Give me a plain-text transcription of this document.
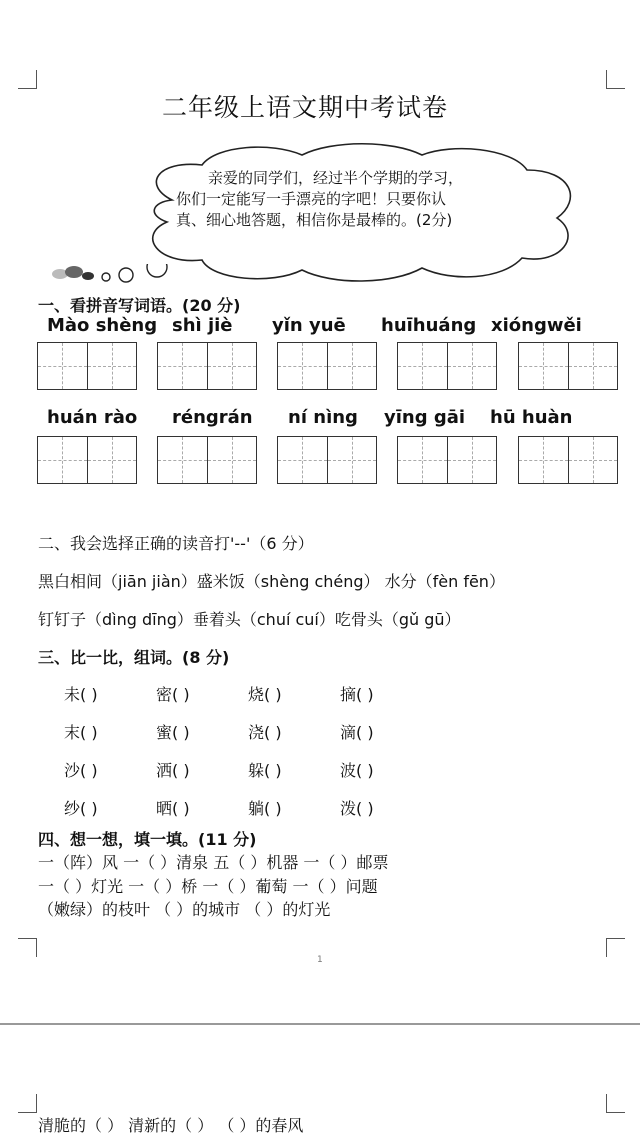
二年级上语文期中考试卷
亲爱的同学们，经过半个学期的学习，你们一定能写一手漂亮的字吧！只要你认真、细心地答题，相信你是最棒的。(2分)
一、看拼音写词语。(20 分)
Mào shèng shì jiè yǐn yuē huīhuáng xióngwěi
huán rào réngrán ní nìng yīng gāi hū huàn
二、我会选择正确的读音打'--'（6 分）
黑白相间（jiān jiàn）盛米饭（shèng chéng） 水分（fèn fēn）
钉钉子（dìng dīng）垂着头（chuí cuí）吃骨头（gǔ gū）
三、比一比，组词。(8 分)
未( )	密( )	烧( )	摘( )
末( )	蜜( )	浇( )	滴( )
沙( )	洒( )	躲( )	波( )
纱( )	晒( )	躺( )	泼( )
四、想一想，填一填。(11 分)
一（阵）风 一（ ）清泉 五（ ）机器 一（ ）邮票
一（ ）灯光 一（ ）桥 一（ ）葡萄 一（ ）问题
（嫩绿）的枝叶 （ ）的城市 （ ）的灯光
1
清脆的（ ） 清新的（ ） （ ）的春风
